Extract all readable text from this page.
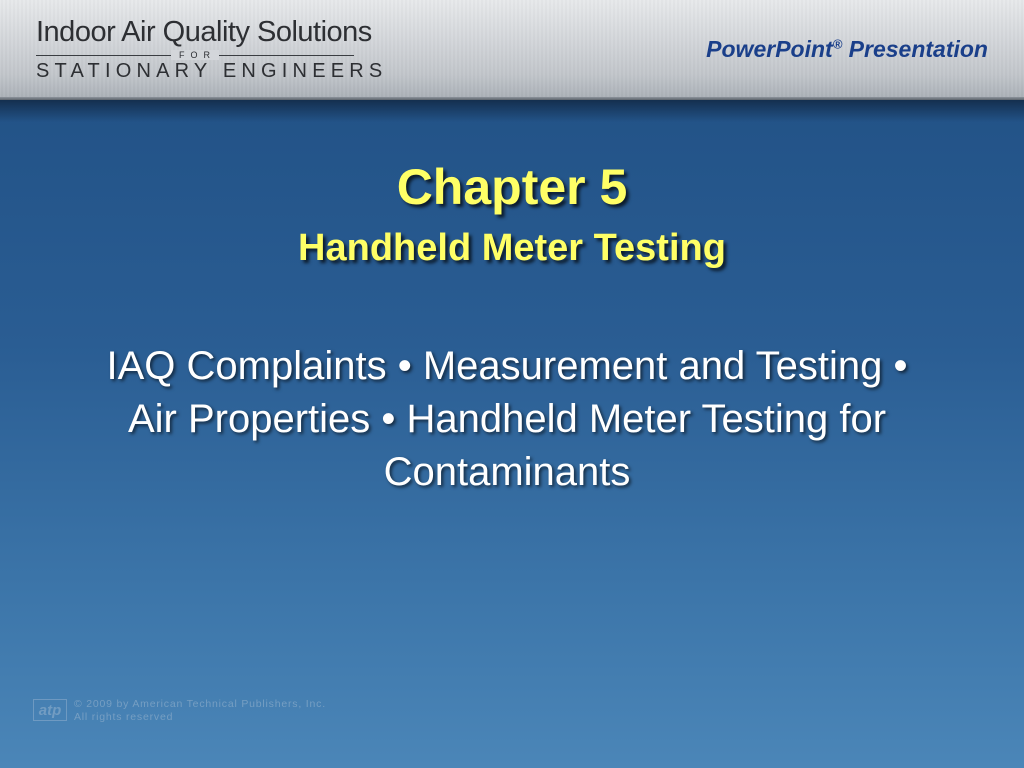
Indoor Air Quality Solutions
FOR
STATIONARY ENGINEERS
PowerPoint® Presentation
Chapter 5
Handheld Meter Testing
IAQ Complaints • Measurement and Testing • Air Properties • Handheld Meter Testing for Contaminants
atp	© 2009 by American Technical Publishers, Inc.
All rights reserved
